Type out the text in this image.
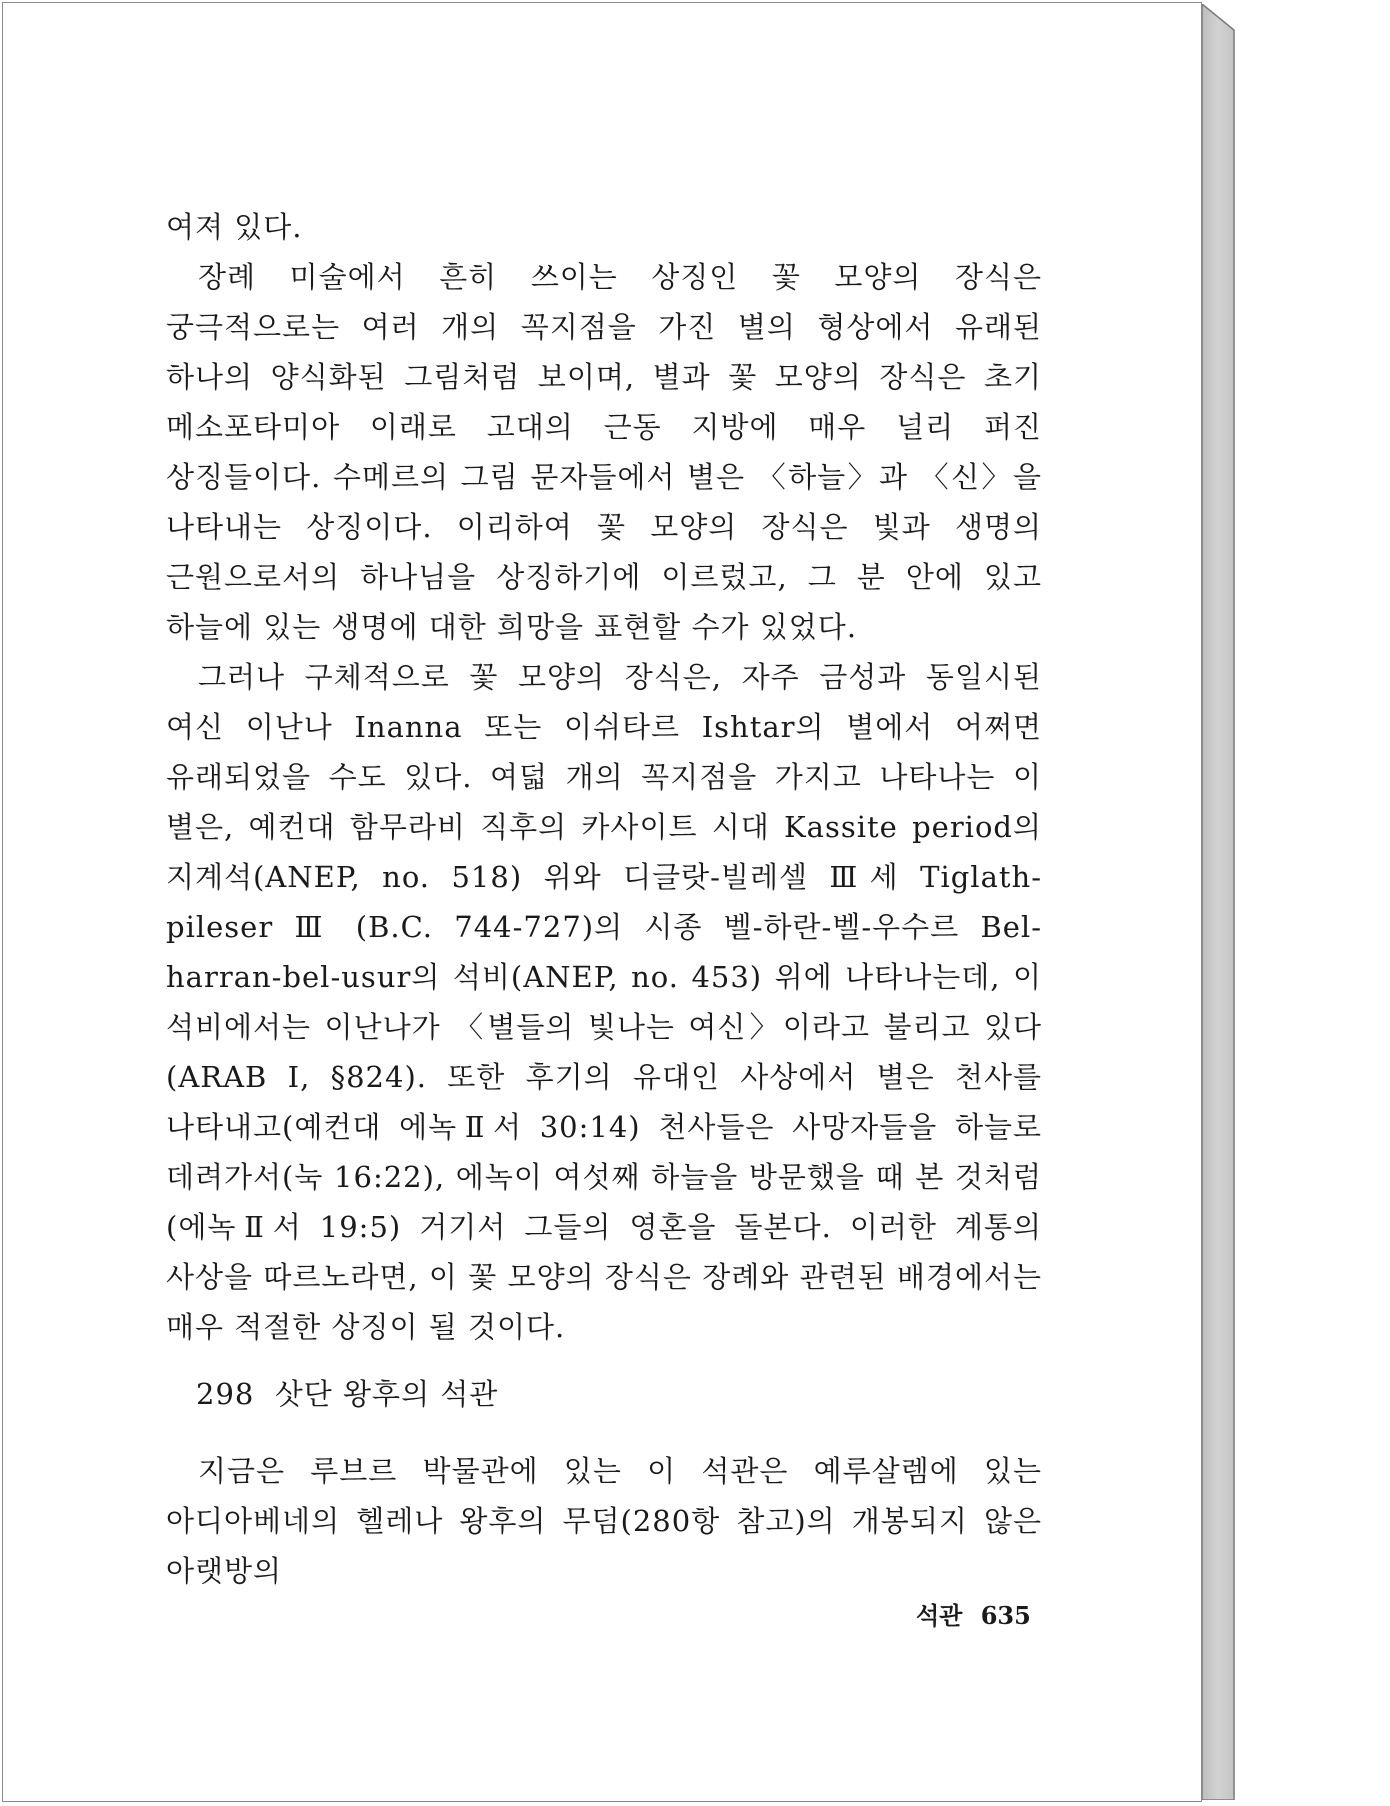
여져 있다.

장례 미술에서 흔히 쓰이는 상징인 꽃 모양의 장식은 궁극적으로는 여러 개의 꼭지점을 가진 별의 형상에서 유래된 하나의 양식화된 그림처럼 보이며, 별과 꽃 모양의 장식은 초기 메소포타미아 이래로 고대의 근동 지방에 매우 널리 퍼진 상징들이다. 수메르의 그림 문자들에서 별은 〈하늘〉과 〈신〉을 나타내는 상징이다. 이리하여 꽃 모양의 장식은 빛과 생명의 근원으로서의 하나님을 상징하기에 이르렀고, 그 분 안에 있고 하늘에 있는 생명에 대한 희망을 표현할 수가 있었다.

그러나 구체적으로 꽃 모양의 장식은, 자주 금성과 동일시된 여신 이난나 Inanna 또는 이쉬타르 Ishtar의 별에서 어쩌면 유래되었을 수도 있다. 여덟 개의 꼭지점을 가지고 나타나는 이 별은, 예컨대 함무라비 직후의 카사이트 시대 Kassite period의 지계석(ANEP, no. 518) 위와 디글랏-빌레셀 Ⅲ세 Tiglath-pileser Ⅲ (B.C. 744-727)의 시종 벨-하란-벨-우수르 Bel-harran-bel-usur의 석비(ANEP, no. 453) 위에 나타나는데, 이 석비에서는 이난나가 〈별들의 빛나는 여신〉이라고 불리고 있다(ARAB I, §824). 또한 후기의 유대인 사상에서 별은 천사를 나타내고(예컨대 에녹Ⅱ서 30:14) 천사들은 사망자들을 하늘로 데려가서(눅 16:22), 에녹이 여섯째 하늘을 방문했을 때 본 것처럼(에녹Ⅱ서 19:5) 거기서 그들의 영혼을 돌본다. 이러한 계통의 사상을 따르노라면, 이 꽃 모양의 장식은 장례와 관련된 배경에서는 매우 적절한 상징이 될 것이다.

298  삿단 왕후의 석관

지금은 루브르 박물관에 있는 이 석관은 예루살렘에 있는 아디아베네의 헬레나 왕후의 무덤(280항 참고)의 개봉되지 않은 아랫방의

석관 635
